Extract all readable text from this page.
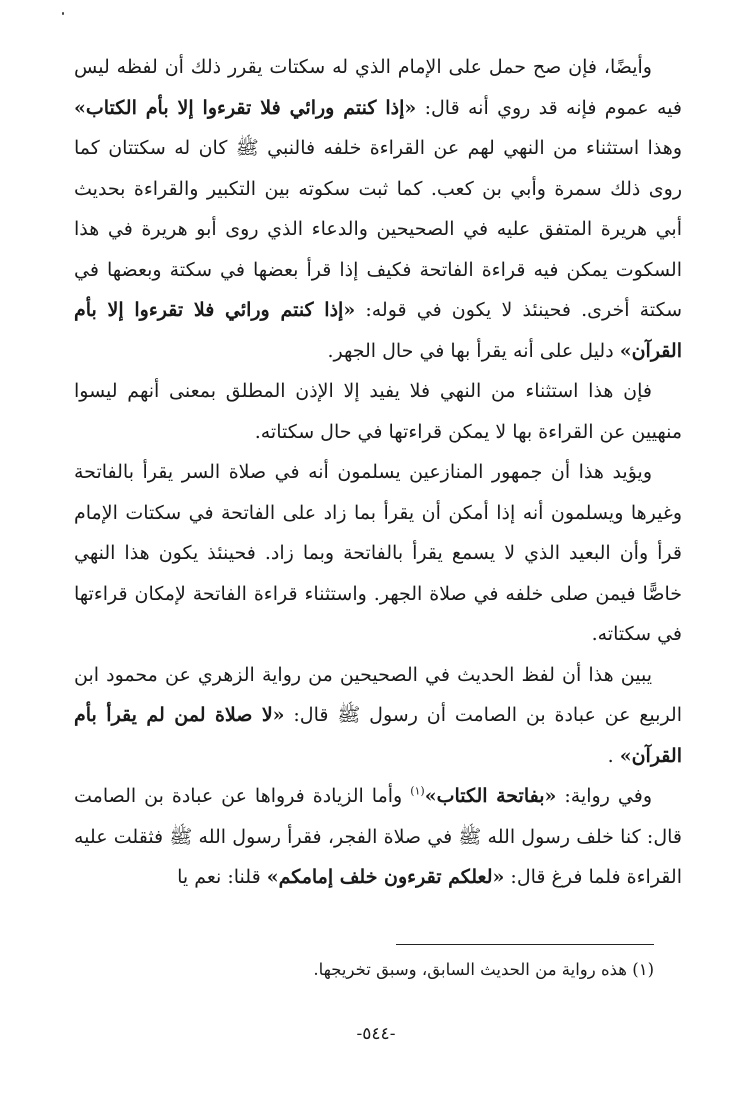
وأيضًا، فإن صح حمل على الإمام الذي له سكتات يقرر ذلك أن لفظه ليس فيه عموم فإنه قد روي أنه قال: «إذا كنتم ورائي فلا تقرءوا إلا بأم الكتاب» وهذا استثناء من النهي لهم عن القراءة خلفه فالنبي ﷺ كان له سكتتان كما روى ذلك سمرة وأبي بن كعب. كما ثبت سكوته بين التكبير والقراءة بحديث أبي هريرة المتفق عليه في الصحيحين والدعاء الذي روى أبو هريرة في هذا السكوت يمكن فيه قراءة الفاتحة فكيف إذا قرأ بعضها في سكتة وبعضها في سكتة أخرى. فحينئذ لا يكون في قوله: «إذا كنتم ورائي فلا تقرءوا إلا بأم القرآن» دليل على أنه يقرأ بها في حال الجهر.

فإن هذا استثناء من النهي فلا يفيد إلا الإذن المطلق بمعنى أنهم ليسوا منهيين عن القراءة بها لا يمكن قراءتها في حال سكتاته.

ويؤيد هذا أن جمهور المنازعين يسلمون أنه في صلاة السر يقرأ بالفاتحة وغيرها ويسلمون أنه إذا أمكن أن يقرأ بما زاد على الفاتحة في سكتات الإمام قرأ وأن البعيد الذي لا يسمع يقرأ بالفاتحة وبما زاد. فحينئذ يكون هذا النهي خاصًّا فيمن صلى خلفه في صلاة الجهر. واستثناء قراءة الفاتحة لإمكان قراءتها في سكتاته.

يبين هذا أن لفظ الحديث في الصحيحين من رواية الزهري عن محمود ابن الربيع عن عبادة بن الصامت أن رسول ﷺ قال: «لا صلاة لمن لم يقرأ بأم القرآن» .

وفي رواية: «بفاتحة الكتاب»$^{(١)}$ وأما الزيادة فرواها عن عبادة بن الصامت قال: كنا خلف رسول الله ﷺ في صلاة الفجر، فقرأ رسول الله ﷺ فثقلت عليه القراءة فلما فرغ قال: «لعلكم تقرءون خلف إمامكم» قلنا: نعم يا

(١) هذه رواية من الحديث السابق، وسبق تخريجها.
-٥٤٤-
